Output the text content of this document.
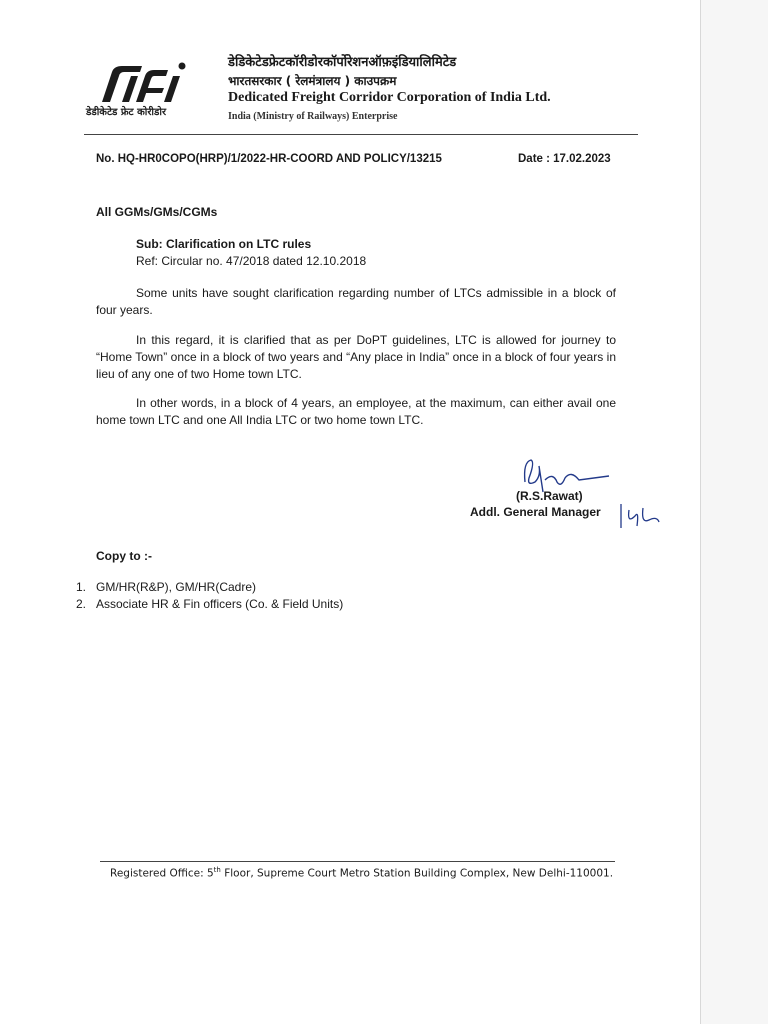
डेडीकेटेड फ्रेट कोरीडोर
डेडिकेटेडफ्रेटकॉरीडोरकॉर्पोरेशनऑफ़इंडियालिमिटेड
भारतसरकार ( रेलमंत्रालय ) काउपक्रम
Dedicated Freight Corridor Corporation of India Ltd.
India (Ministry of Railways) Enterprise
No. HQ-HR0COPO(HRP)/1/2022-HR-COORD AND POLICY/13215	Date : 17.02.2023
All GGMs/GMs/CGMs
Sub: Clarification on LTC rules
Ref: Circular no. 47/2018 dated 12.10.2018
Some units have sought clarification regarding number of LTCs admissible in a block of four years.
In this regard, it is clarified that as per DoPT guidelines, LTC is allowed for journey to “Home Town” once in a block of two years and “Any place in India” once in a block of four years in lieu of any one of two Home town LTC.
In other words, in a block of 4 years, an employee, at the maximum, can either avail one home town LTC and one All India LTC or two home town LTC.
(R.S.Rawat)
Addl. General Manager
Copy to :-
1. GM/HR(R&P), GM/HR(Cadre)
2. Associate HR & Fin officers (Co. & Field Units)
Registered Office: 5th Floor, Supreme Court Metro Station Building Complex, New Delhi-110001.
